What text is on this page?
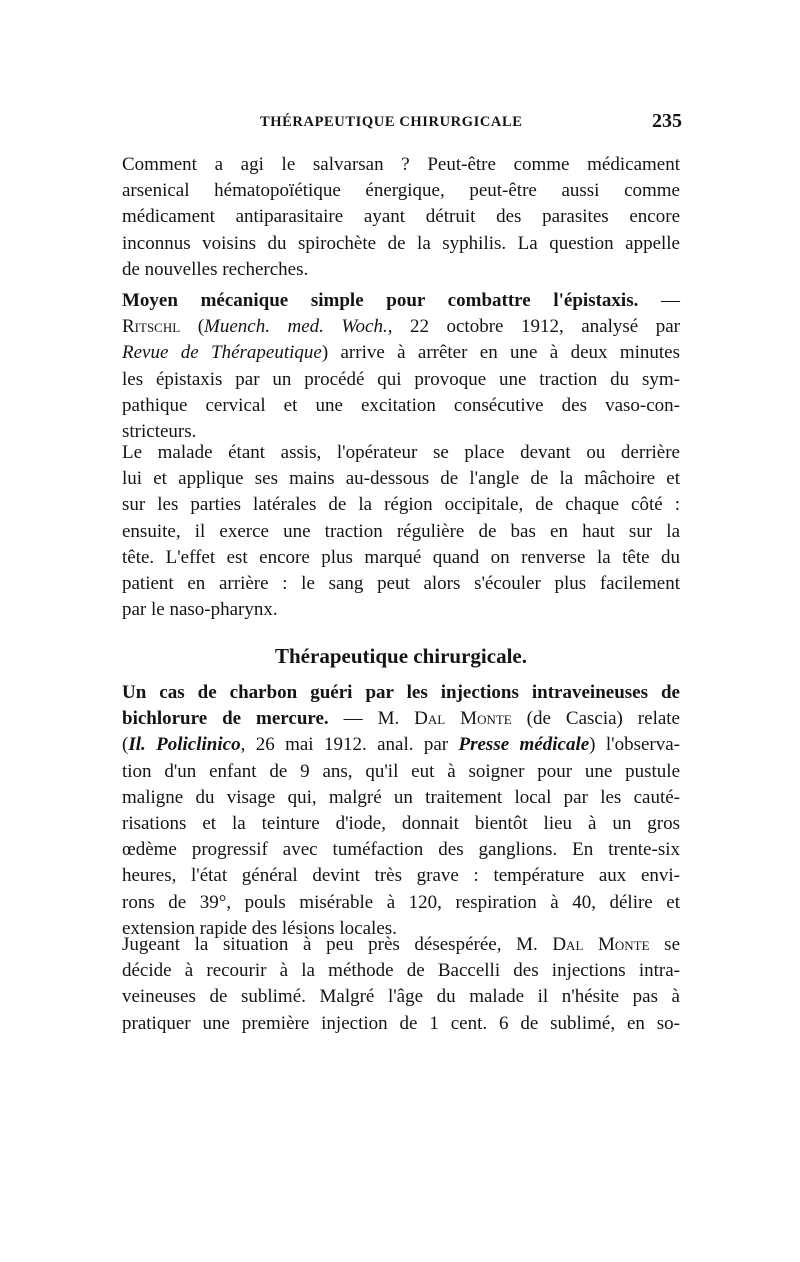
THÉRAPEUTIQUE CHIRURGICALE	235
Comment a agi le salvarsan ? Peut-être comme médicament
arsenical hématopoïétique énergique, peut-être aussi comme
médicament antiparasitaire ayant détruit des parasites encore
inconnus voisins du spirochète de la syphilis. La question appelle
de nouvelles recherches.
Moyen mécanique simple pour combattre l'épistaxis. —
Ritschl (Muench. med. Woch., 22 octobre 1912, analysé par
Revue de Thérapeutique) arrive à arrêter en une à deux minutes
les épistaxis par un procédé qui provoque une traction du sym-
pathique cervical et une excitation consécutive des vaso-con-
stricteurs.
Le malade étant assis, l'opérateur se place devant ou derrière
lui et applique ses mains au-dessous de l'angle de la mâchoire et
sur les parties latérales de la région occipitale, de chaque côté :
ensuite, il exerce une traction régulière de bas en haut sur la
tête. L'effet est encore plus marqué quand on renverse la tête du
patient en arrière : le sang peut alors s'écouler plus facilement
par le naso-pharynx.
Thérapeutique chirurgicale.
Un cas de charbon guéri par les injections intraveineuses de
bichlorure de mercure. — M. Dal Monte (de Cascia) relate
(Il. Policlinico, 26 mai 1912. anal. par Presse médicale) l'observa-
tion d'un enfant de 9 ans, qu'il eut à soigner pour une pustule
maligne du visage qui, malgré un traitement local par les cauté-
risations et la teinture d'iode, donnait bientôt lieu à un gros
œdème progressif avec tuméfaction des ganglions. En trente-six
heures, l'état général devint très grave : température aux envi-
rons de 39°, pouls misérable à 120, respiration à 40, délire et
extension rapide des lésions locales.
Jugeant la situation à peu près désespérée, M. Dal Monte se
décide à recourir à la méthode de Baccelli des injections intra-
veineuses de sublimé. Malgré l'âge du malade il n'hésite pas à
pratiquer une première injection de 1 cent. 6 de sublimé, en so-
